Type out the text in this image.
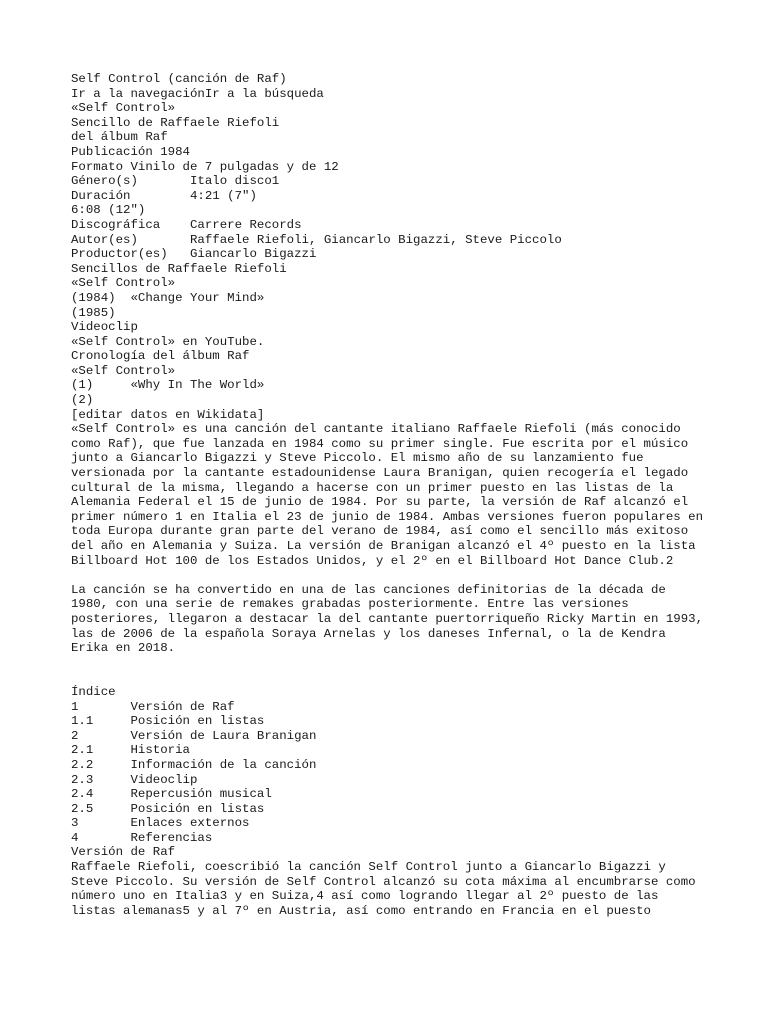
Self Control (canción de Raf)
Ir a la navegaciónIr a la búsqueda
«Self Control»
Sencillo de Raffaele Riefoli
del álbum Raf
Publicación 1984
Formato	Vinilo de 7 pulgadas y de 12
Género(s)	Italo disco1
Duración	4:21 (7")
6:08 (12")
Discográfica	Carrere Records
Autor(es)	Raffaele Riefoli, Giancarlo Bigazzi, Steve Piccolo
Productor(es)	Giancarlo Bigazzi
Sencillos de Raffaele Riefoli
«Self Control»
(1984)	«Change Your Mind»
(1985)
Videoclip
«Self Control» en YouTube.
Cronología del álbum Raf
«Self Control»
(1)	«Why In The World»
(2)
[editar datos en Wikidata]
«Self Control» es una canción del cantante italiano Raffaele Riefoli (más conocido como Raf), que fue lanzada en 1984 como su primer single. Fue escrita por el músico junto a Giancarlo Bigazzi y Steve Piccolo. El mismo año de su lanzamiento fue versionada por la cantante estadounidense Laura Branigan, quien recogería el legado cultural de la misma, llegando a hacerse con un primer puesto en las listas de la Alemania Federal el 15 de junio de 1984. Por su parte, la versión de Raf alcanzó el primer número 1 en Italia el 23 de junio de 1984. Ambas versiones fueron populares en toda Europa durante gran parte del verano de 1984, así como el sencillo más exitoso del año en Alemania y Suiza. La versión de Branigan alcanzó el 4º puesto en la lista Billboard Hot 100 de los Estados Unidos, y el 2º en el Billboard Hot Dance Club.2
La canción se ha convertido en una de las canciones definitorias de la década de 1980, con una serie de remakes grabadas posteriormente. Entre las versiones posteriores, llegaron a destacar la del cantante puertorriqueño Ricky Martin en 1993, las de 2006 de la española Soraya Arnelas y los daneses Infernal, o la de Kendra Erika en 2018.
Índice
1	Versión de Raf
1.1	Posición en listas
2	Versión de Laura Branigan
2.1	Historia
2.2	Información de la canción
2.3	Videoclip
2.4	Repercusión musical
2.5	Posición en listas
3	Enlaces externos
4	Referencias
Versión de Raf
Raffaele Riefoli, coescribió la canción Self Control junto a Giancarlo Bigazzi y Steve Piccolo. Su versión de Self Control alcanzó su cota máxima al encumbrarse como número uno en Italia3 y en Suiza,4 así como logrando llegar al 2º puesto de las listas alemanas5 y al 7º en Austria, así como entrando en Francia en el puesto
